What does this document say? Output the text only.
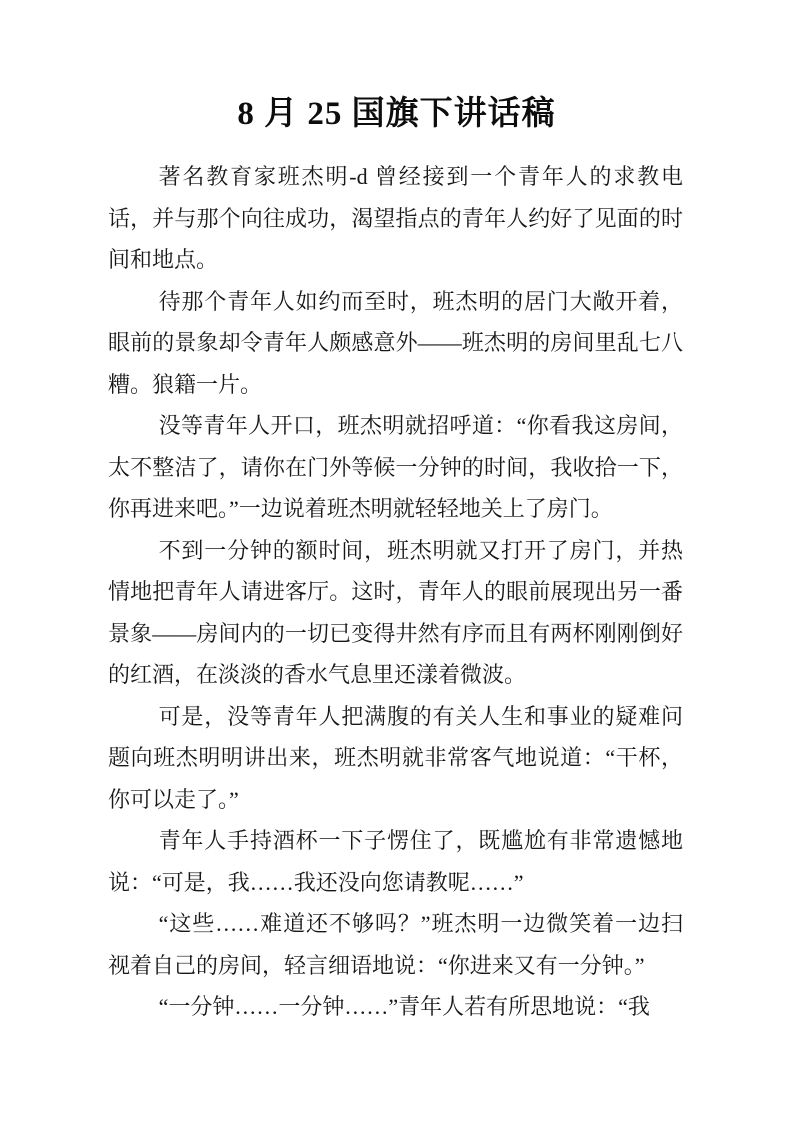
8 月 25 国旗下讲话稿

著名教育家班杰明-d 曾经接到一个青年人的求教电话，并与那个向往成功，渴望指点的青年人约好了见面的时间和地点。

待那个青年人如约而至时，班杰明的居门大敞开着，眼前的景象却令青年人颇感意外——班杰明的房间里乱七八糟。狼籍一片。

没等青年人开口，班杰明就招呼道：“你看我这房间，太不整洁了，请你在门外等候一分钟的时间，我收拾一下，你再进来吧。”一边说着班杰明就轻轻地关上了房门。

不到一分钟的额时间，班杰明就又打开了房门，并热情地把青年人请进客厅。这时，青年人的眼前展现出另一番景象——房间内的一切已变得井然有序而且有两杯刚刚倒好的红酒，在淡淡的香水气息里还漾着微波。

可是，没等青年人把满腹的有关人生和事业的疑难问题向班杰明明讲出来，班杰明就非常客气地说道：“干杯，你可以走了。”

青年人手持酒杯一下子愣住了，既尴尬有非常遗憾地说：“可是，我……我还没向您请教呢……”

“这些……难道还不够吗？”班杰明一边微笑着一边扫视着自己的房间，轻言细语地说：“你进来又有一分钟。”

“一分钟……一分钟……”青年人若有所思地说：“我
